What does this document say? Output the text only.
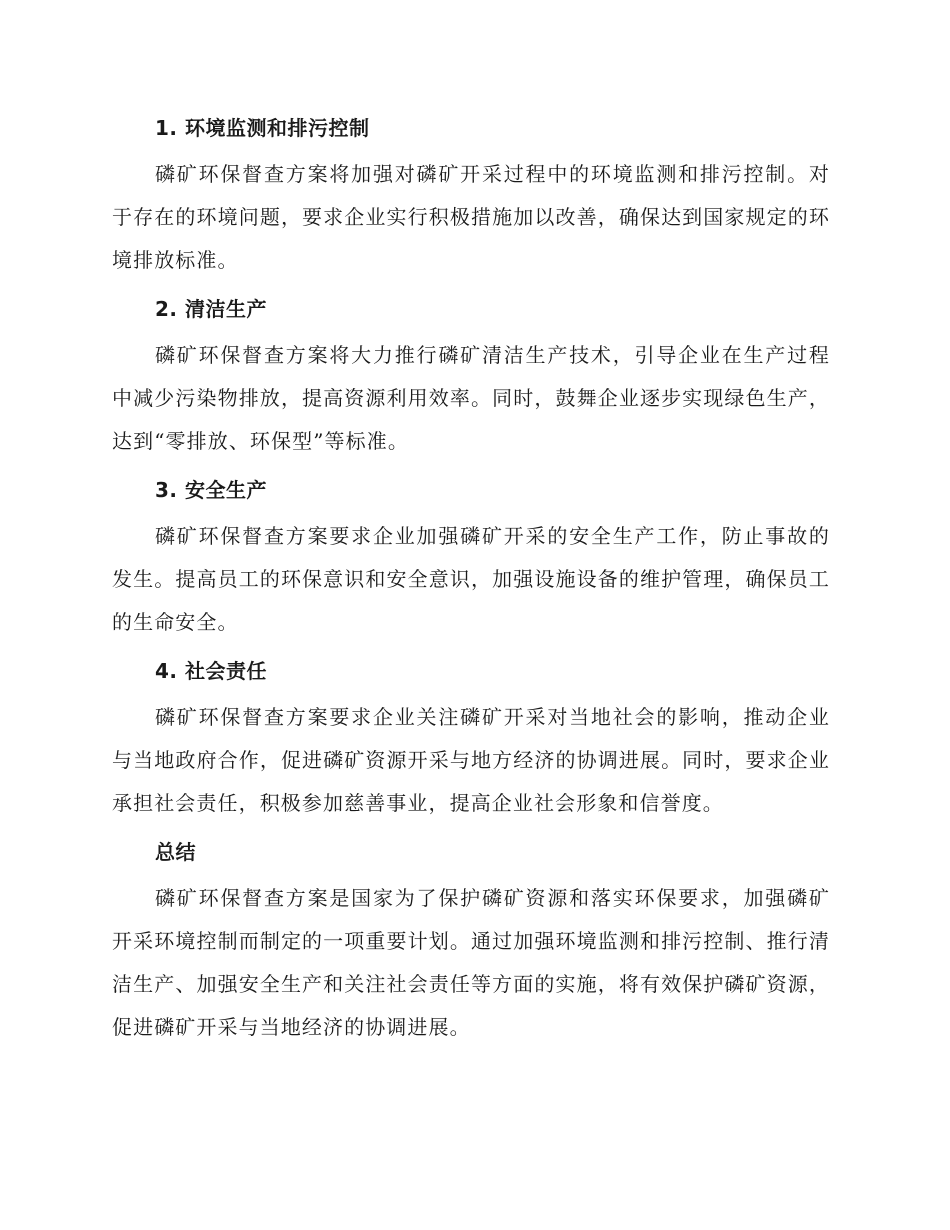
1. 环境监测和排污控制

磷矿环保督查方案将加强对磷矿开采过程中的环境监测和排污控制。对于存在的环境问题，要求企业实行积极措施加以改善，确保达到国家规定的环境排放标准。

2. 清洁生产

磷矿环保督查方案将大力推行磷矿清洁生产技术，引导企业在生产过程中减少污染物排放，提高资源利用效率。同时，鼓舞企业逐步实现绿色生产，达到“零排放、环保型”等标准。

3. 安全生产

磷矿环保督查方案要求企业加强磷矿开采的安全生产工作，防止事故的发生。提高员工的环保意识和安全意识，加强设施设备的维护管理，确保员工的生命安全。

4. 社会责任

磷矿环保督查方案要求企业关注磷矿开采对当地社会的影响，推动企业与当地政府合作，促进磷矿资源开采与地方经济的协调进展。同时，要求企业承担社会责任，积极参加慈善事业，提高企业社会形象和信誉度。

总结

磷矿环保督查方案是国家为了保护磷矿资源和落实环保要求，加强磷矿开采环境控制而制定的一项重要计划。通过加强环境监测和排污控制、推行清洁生产、加强安全生产和关注社会责任等方面的实施，将有效保护磷矿资源，促进磷矿开采与当地经济的协调进展。
